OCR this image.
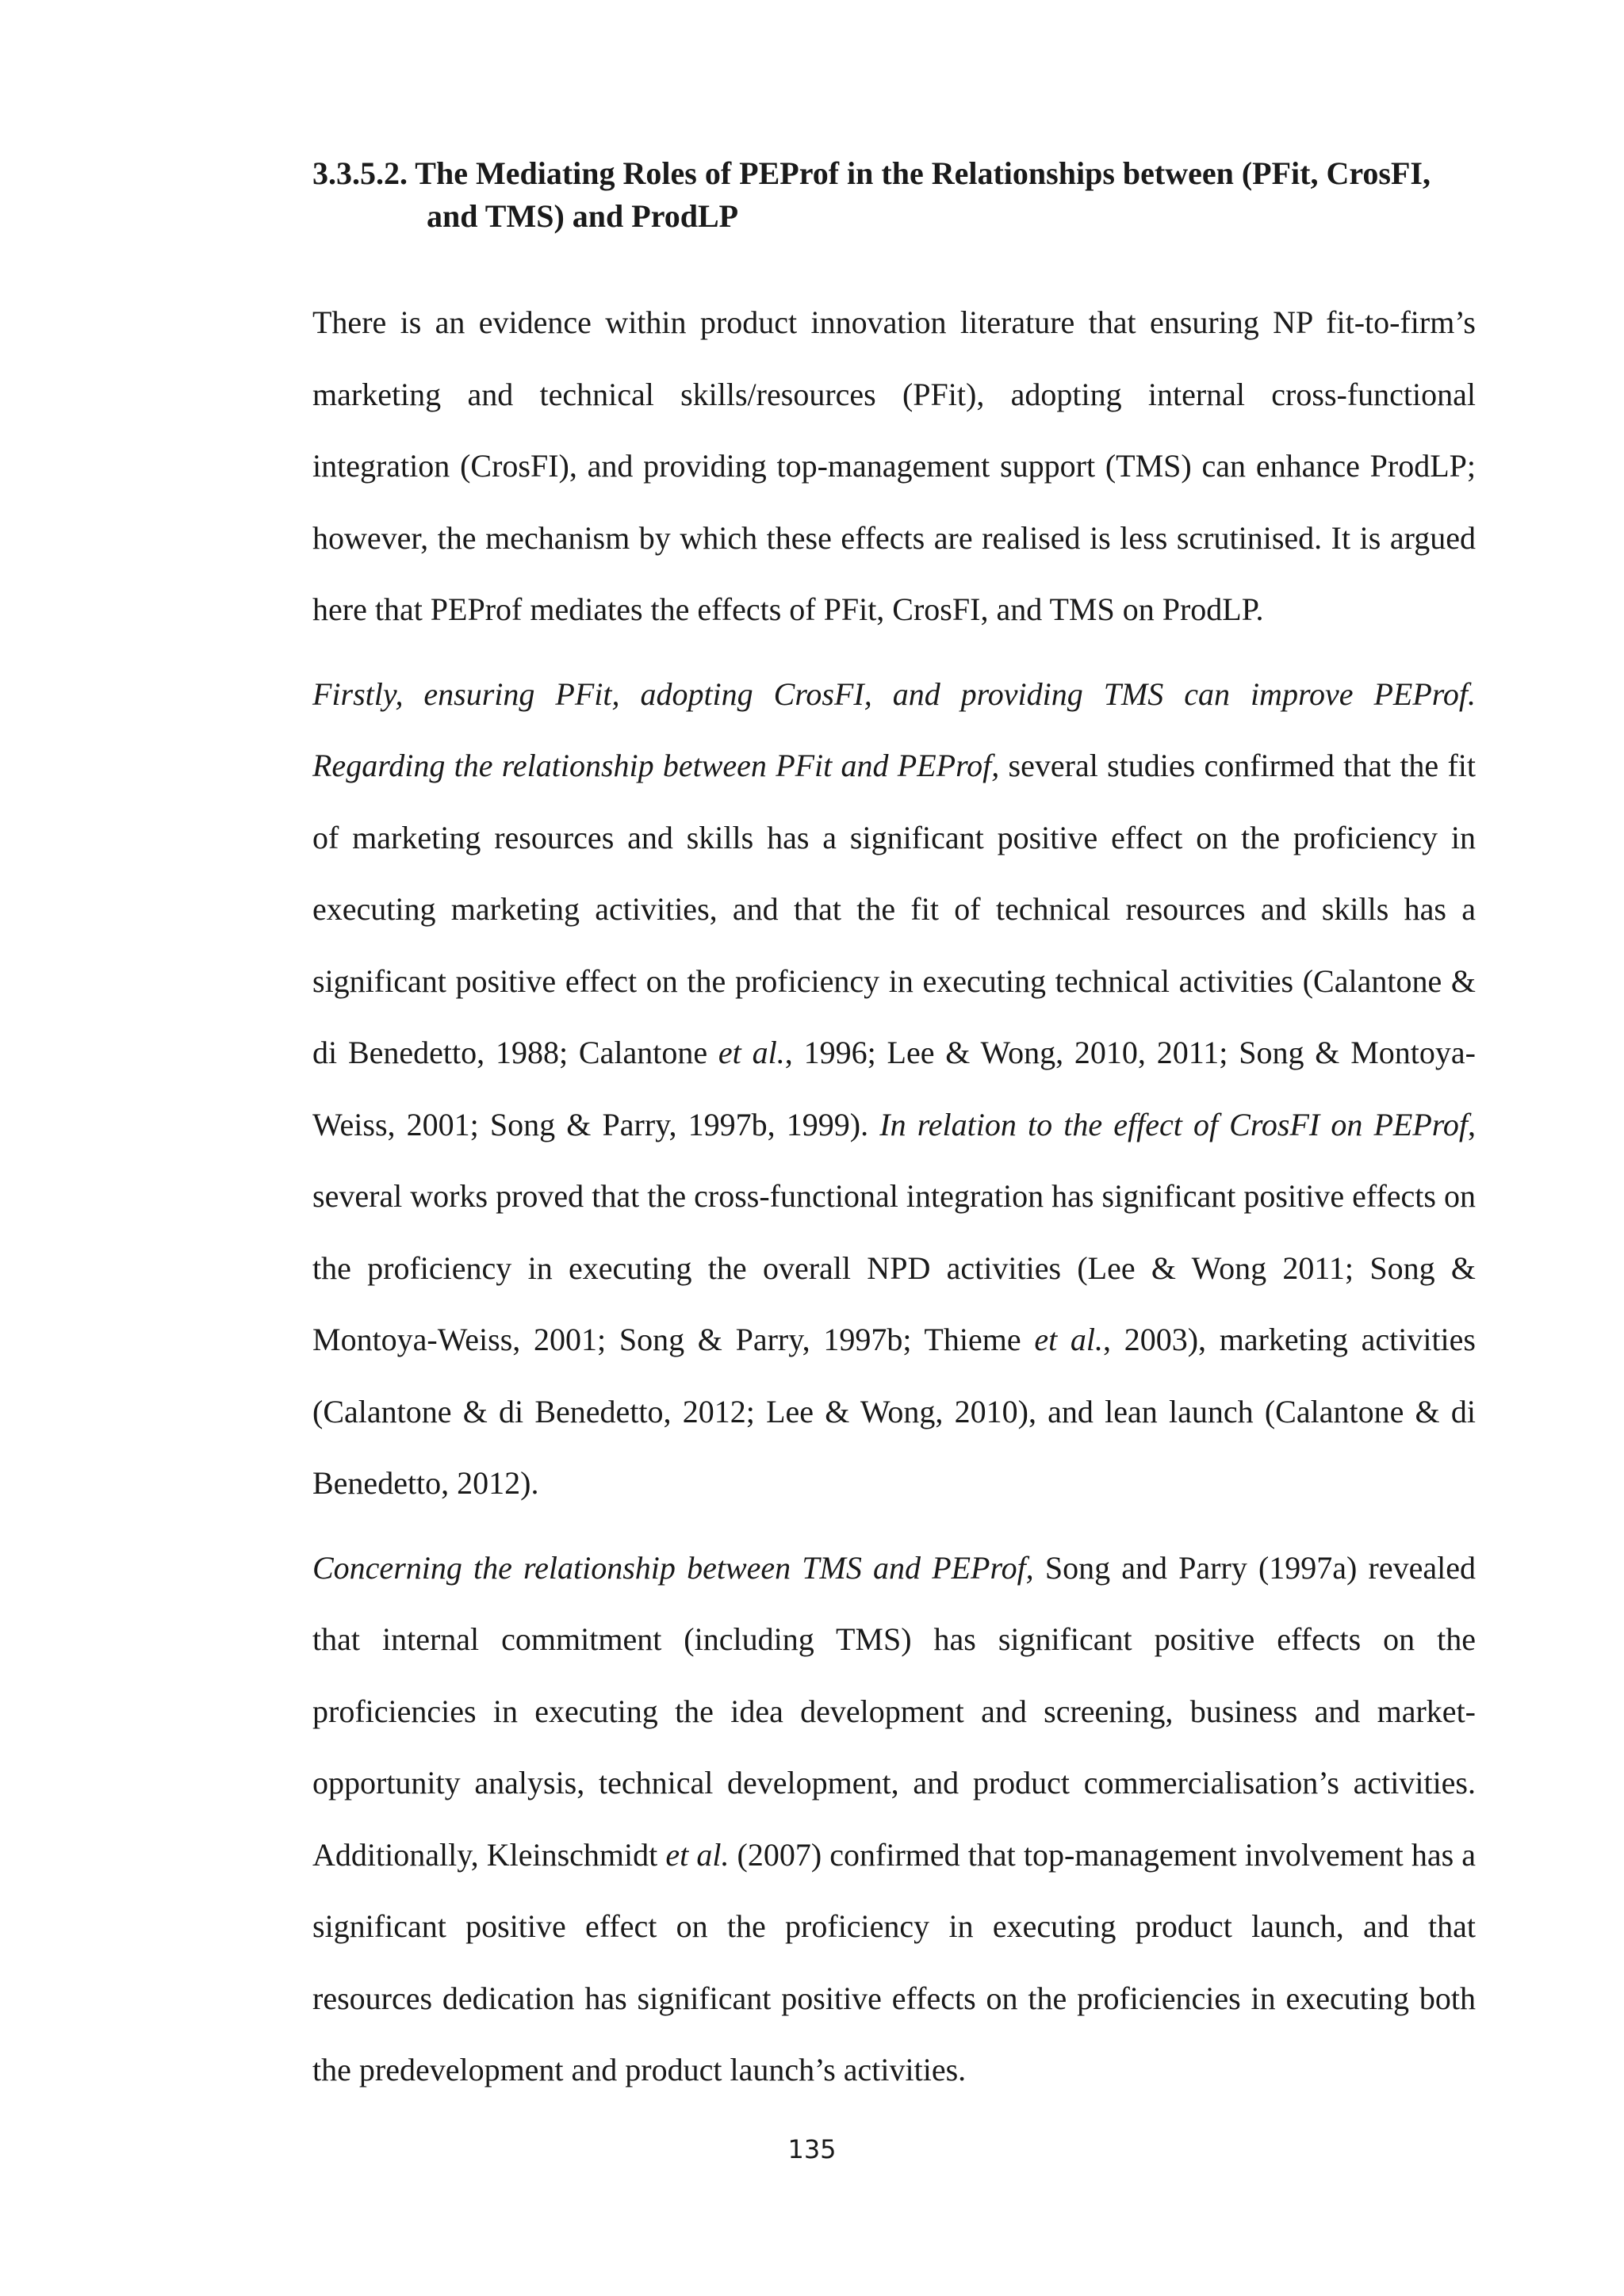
3.3.5.2. The Mediating Roles of PEProf in the Relationships between (PFit, CrosFI, and TMS) and ProdLP

There is an evidence within product innovation literature that ensuring NP fit-to-firm’s marketing and technical skills/resources (PFit), adopting internal cross-functional integration (CrosFI), and providing top-management support (TMS) can enhance ProdLP; however, the mechanism by which these effects are realised is less scrutinised. It is argued here that PEProf mediates the effects of PFit, CrosFI, and TMS on ProdLP.

Firstly, ensuring PFit, adopting CrosFI, and providing TMS can improve PEProf. Regarding the relationship between PFit and PEProf, several studies confirmed that the fit of marketing resources and skills has a significant positive effect on the proficiency in executing marketing activities, and that the fit of technical resources and skills has a significant positive effect on the proficiency in executing technical activities (Calantone & di Benedetto, 1988; Calantone et al., 1996; Lee & Wong, 2010, 2011; Song & Montoya-Weiss, 2001; Song & Parry, 1997b, 1999). In relation to the effect of CrosFI on PEProf, several works proved that the cross-functional integration has significant positive effects on the proficiency in executing the overall NPD activities (Lee & Wong 2011; Song & Montoya-Weiss, 2001; Song & Parry, 1997b; Thieme et al., 2003), marketing activities (Calantone & di Benedetto, 2012; Lee & Wong, 2010), and lean launch (Calantone & di Benedetto, 2012).

Concerning the relationship between TMS and PEProf, Song and Parry (1997a) revealed that internal commitment (including TMS) has significant positive effects on the proficiencies in executing the idea development and screening, business and market-opportunity analysis, technical development, and product commercialisation’s activities. Additionally, Kleinschmidt et al. (2007) confirmed that top-management involvement has a significant positive effect on the proficiency in executing product launch, and that resources dedication has significant positive effects on the proficiencies in executing both the predevelopment and product launch’s activities.

135
